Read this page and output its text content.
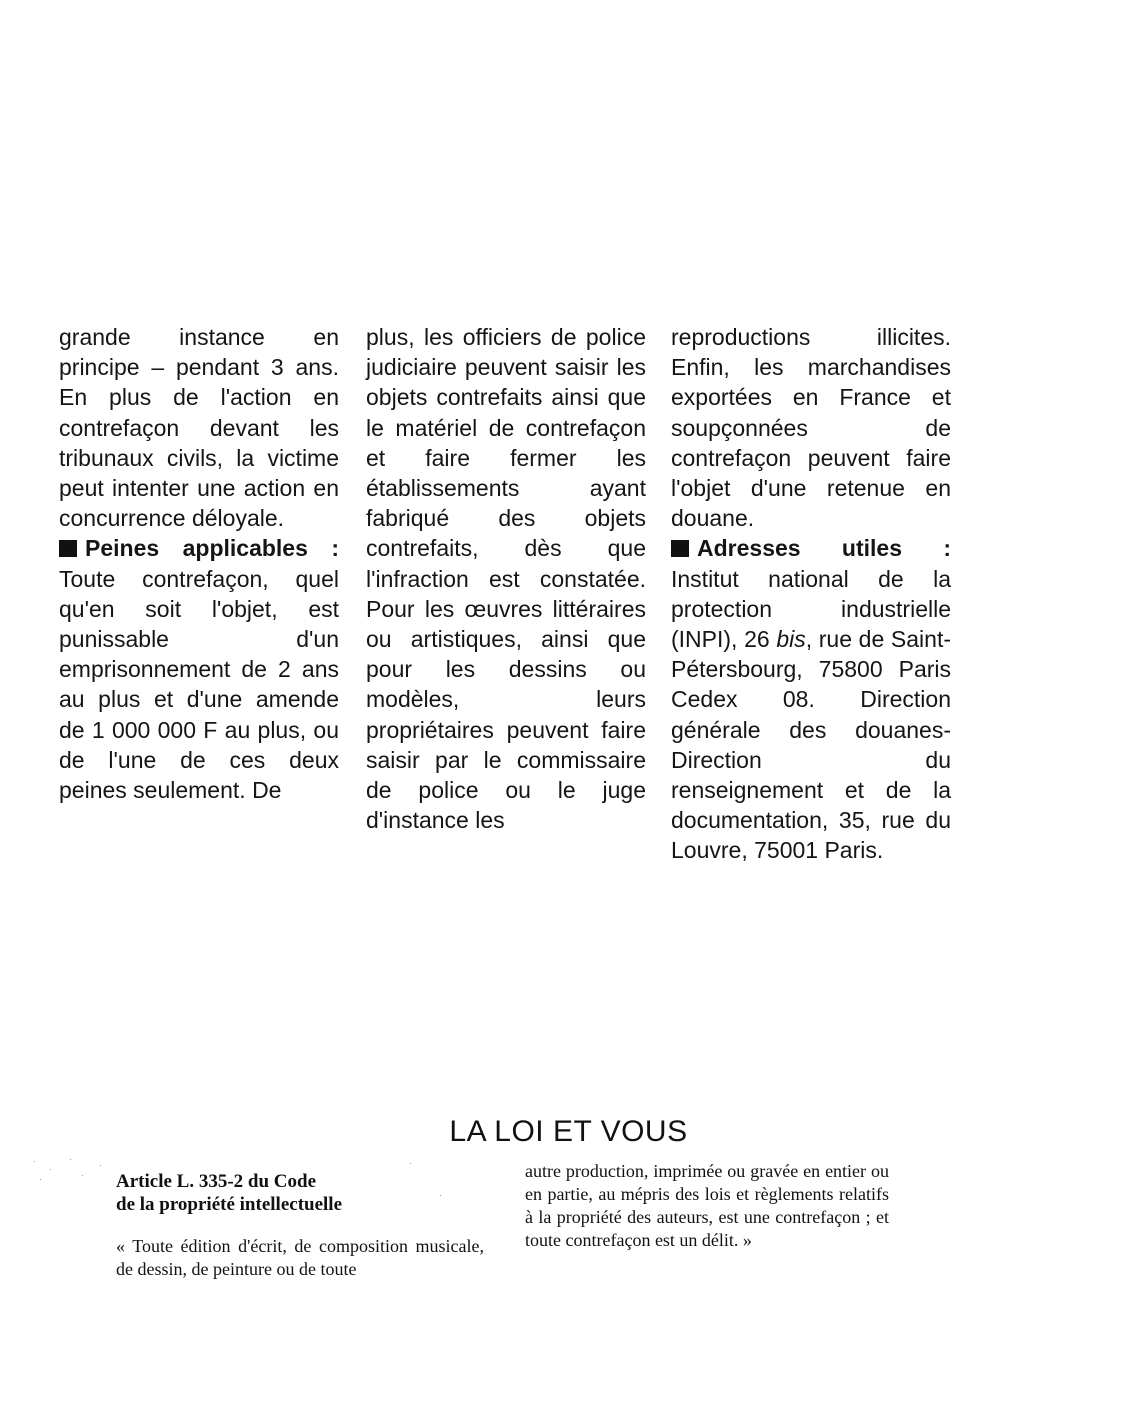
grande instance en principe – pendant 3 ans. En plus de l'action en contrefaçon devant les tribunaux civils, la victime peut intenter une action en concurrence déloyale.

Peines applicables : Toute contrefaçon, quel qu'en soit l'objet, est punissable d'un emprisonnement de 2 ans au plus et d'une amende de 1 000 000 F au plus, ou de l'une de ces deux peines seulement. De

plus, les officiers de police judiciaire peuvent saisir les objets contrefaits ainsi que le matériel de contrefaçon et faire fermer les établissements ayant fabriqué des objets contrefaits, dès que l'infraction est constatée. Pour les œuvres littéraires ou artistiques, ainsi que pour les dessins ou modèles, leurs propriétaires peuvent faire saisir par le commissaire de police ou le juge d'instance les

reproductions illicites. Enfin, les marchandises exportées en France et soupçonnées de contrefaçon peuvent faire l'objet d'une retenue en douane.

Adresses utiles : Institut national de la protection industrielle (INPI), 26 bis, rue de Saint-Pétersbourg, 75800 Paris Cedex 08. Direction générale des douanes-Direction du renseignement et de la documentation, 35, rue du Louvre, 75001 Paris.

LA LOI ET VOUS

Article L. 335-2 du Code
de la propriété intellectuelle

« Toute édition d'écrit, de composition musicale, de dessin, de peinture ou de toute

autre production, imprimée ou gravée en entier ou en partie, au mépris des lois et règlements relatifs à la propriété des auteurs, est une contrefaçon ; et toute contrefaçon est un délit. »
